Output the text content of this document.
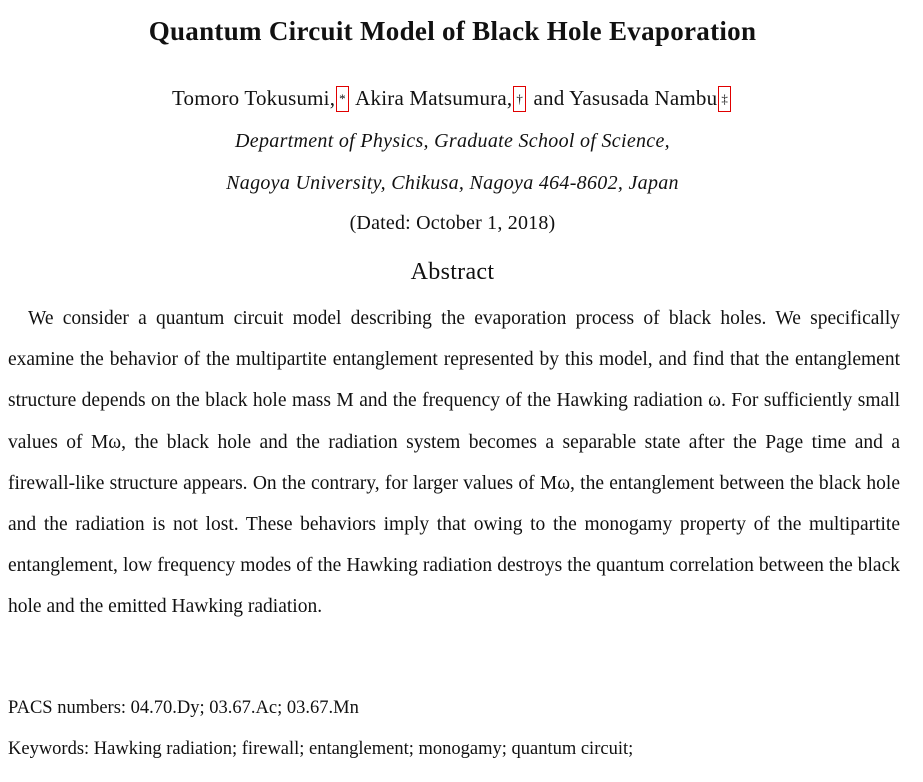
Quantum Circuit Model of Black Hole Evaporation
Tomoro Tokusumi, * Akira Matsumura, † and Yasusada Nambu ‡
Department of Physics, Graduate School of Science,
Nagoya University, Chikusa, Nagoya 464-8602, Japan
(Dated: October 1, 2018)
Abstract

We consider a quantum circuit model describing the evaporation process of black holes. We specifically examine the behavior of the multipartite entanglement represented by this model, and find that the entanglement structure depends on the black hole mass M and the frequency of the Hawking radiation ω. For sufficiently small values of Mω, the black hole and the radiation system becomes a separable state after the Page time and a firewall-like structure appears. On the contrary, for larger values of Mω, the entanglement between the black hole and the radiation is not lost. These behaviors imply that owing to the monogamy property of the multipartite entanglement, low frequency modes of the Hawking radiation destroys the quantum correlation between the black hole and the emitted Hawking radiation.

PACS numbers: 04.70.Dy; 03.67.Ac; 03.67.Mn
Keywords: Hawking radiation; firewall; entanglement; monogamy; quantum circuit;
